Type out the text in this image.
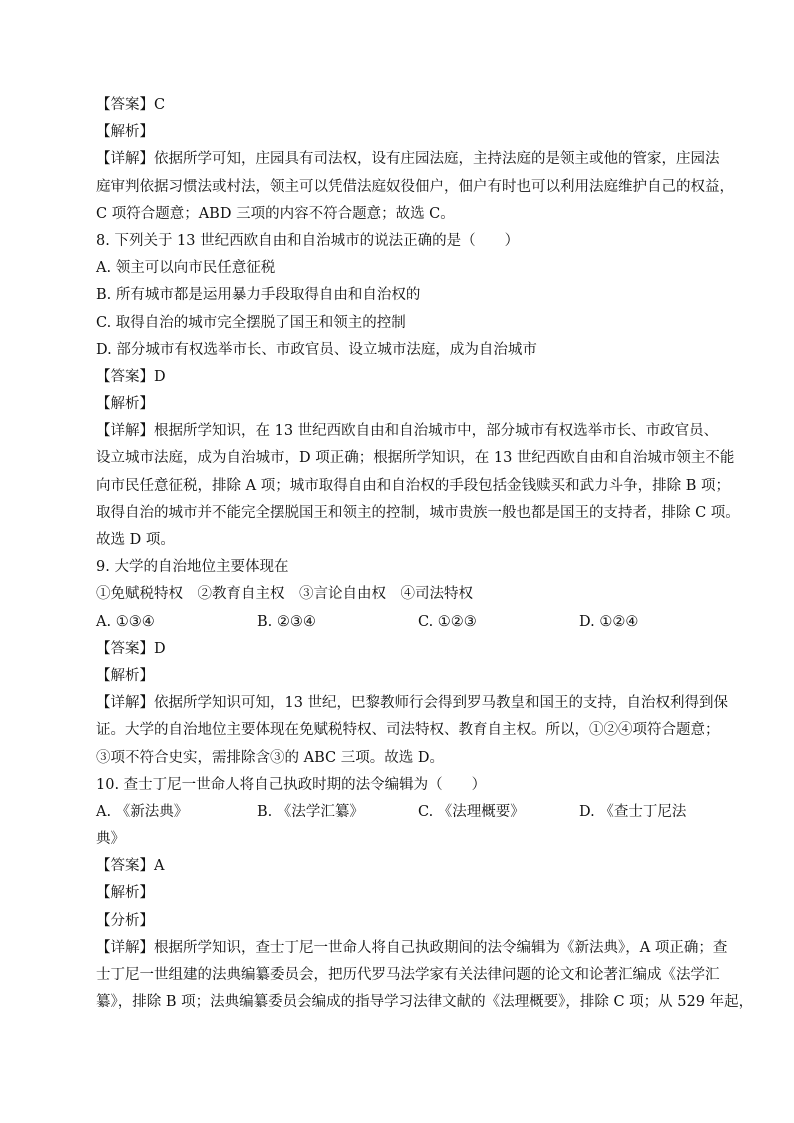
【答案】C
【解析】
【详解】依据所学可知，庄园具有司法权，设有庄园法庭，主持法庭的是领主或他的管家，庄园法
庭审判依据习惯法或村法，领主可以凭借法庭奴役佃户，佃户有时也可以利用法庭维护自己的权益，
C 项符合题意；ABD 三项的内容不符合题意；故选 C。
8. 下列关于 13 世纪西欧自由和自治城市的说法正确的是（　　）
A. 领主可以向市民任意征税
B. 所有城市都是运用暴力手段取得自由和自治权的
C. 取得自治的城市完全摆脱了国王和领主的控制
D. 部分城市有权选举市长、市政官员、设立城市法庭，成为自治城市
【答案】D
【解析】
【详解】根据所学知识，在 13 世纪西欧自由和自治城市中，部分城市有权选举市长、市政官员、
设立城市法庭，成为自治城市，D 项正确；根据所学知识，在 13 世纪西欧自由和自治城市领主不能
向市民任意征税，排除 A 项；城市取得自由和自治权的手段包括金钱赎买和武力斗争，排除 B 项；
取得自治的城市并不能完全摆脱国王和领主的控制，城市贵族一般也都是国王的支持者，排除 C 项。
故选 D 项。
9. 大学的自治地位主要体现在
①免赋税特权　②教育自主权　③言论自由权　④司法特权
A. ①③④	B. ②③④	C. ①②③	D. ①②④
【答案】D
【解析】
【详解】依据所学知识可知，13 世纪，巴黎教师行会得到罗马教皇和国王的支持，自治权利得到保
证。大学的自治地位主要体现在免赋税特权、司法特权、教育自主权。所以，①②④项符合题意；
③项不符合史实，需排除含③的 ABC 三项。故选 D。
10. 查士丁尼一世命人将自己执政时期的法令编辑为（　　）
A. 《新法典》	B. 《法学汇纂》	C. 《法理概要》	D. 《查士丁尼法
典》
【答案】A
【解析】
【分析】
【详解】根据所学知识，查士丁尼一世命人将自己执政期间的法令编辑为《新法典》，A 项正确；查
士丁尼一世组建的法典编纂委员会，把历代罗马法学家有关法律问题的论文和论著汇编成《法学汇
纂》，排除 B 项；法典编纂委员会编成的指导学习法律文献的《法理概要》，排除 C 项；从 529 年起，
